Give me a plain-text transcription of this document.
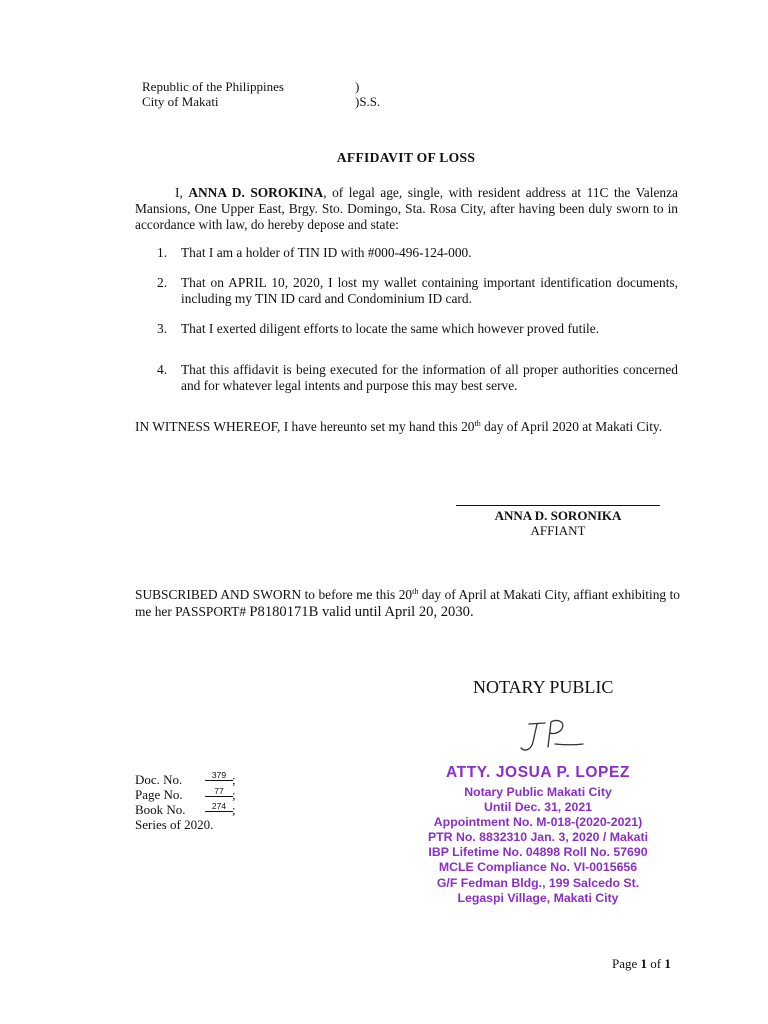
Republic of the Philippines	)
City of Makati	)S.S.
AFFIDAVIT OF LOSS
I, ANNA D. SOROKINA, of legal age, single, with resident address at 11C the Valenza Mansions, One Upper East, Brgy. Sto. Domingo, Sta. Rosa City, after having been duly sworn to in accordance with law, do hereby depose and state:
1. That I am a holder of TIN ID with #000-496-124-000.
2. That on APRIL 10, 2020, I lost my wallet containing important identification documents, including my TIN ID card and Condominium ID card.
3. That I exerted diligent efforts to locate the same which however proved futile.
4. That this affidavit is being executed for the information of all proper authorities concerned and for whatever legal intents and purpose this may best serve.
IN WITNESS WHEREOF, I have hereunto set my hand this 20th day of April 2020 at Makati City.
ANNA D. SORONIKA
AFFIANT
SUBSCRIBED AND SWORN to before me this 20th day of April at Makati City, affiant exhibiting to me her PASSPORT# P8180171B valid until April 20, 2030.
NOTARY PUBLIC
ATTY. JOSUA P. LOPEZ
Notary Public Makati City
Until Dec. 31, 2021
Appointment No. M-018-(2020-2021)
PTR No. 8832310 Jan. 3, 2020 / Makati
IBP Lifetime No. 04898 Roll No. 57690
MCLE Compliance No. VI-0015656
G/F Fedman Bldg., 199 Salcedo St.
Legaspi Village, Makati City
Doc. No.	379 ;
Page No.	77 ;
Book No.	274 ;
Series of 2020.
Page 1 of 1
